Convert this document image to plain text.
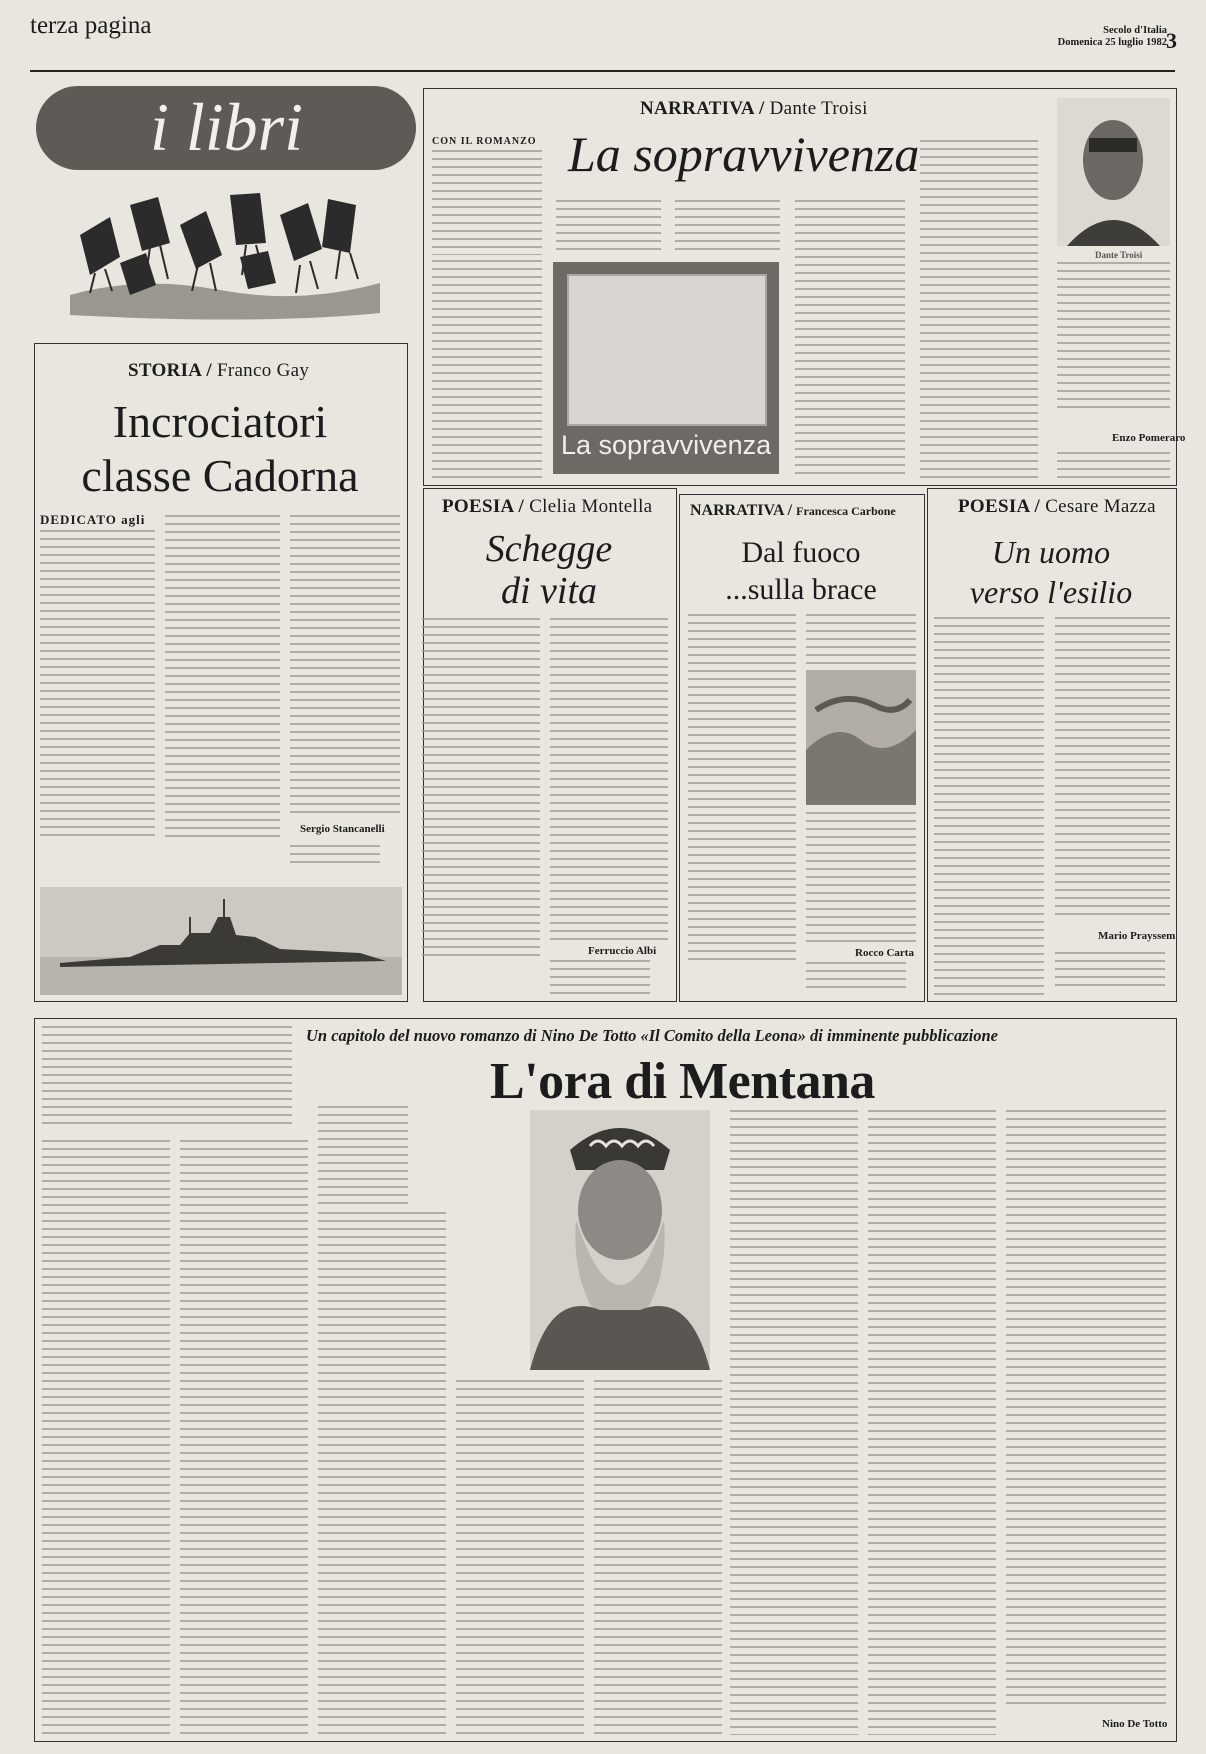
terza pagina	Secolo d'Italia
Domenica 25 luglio 1982 3
i libri
STORIA / Franco Gay
Incrociatori
classe Cadorna
DEDICATO agli
Sergio Stancanelli
NARRATIVA / Dante Troisi
La sopravvivenza
CON IL ROMANZO
La sopravvivenza
Dante Troisi
Enzo Pomeraro
POESIA / Clelia Montella
Schegge
di vita
Ferruccio Albi
NARRATIVA / Francesca Carbone
Dal fuoco
...sulla brace
Rocco Carta
POESIA / Cesare Mazza
Un uomo
verso l'esilio
Mario Prayssem
Un capitolo del nuovo romanzo di Nino De Totto «Il Comito della Leona» di imminente pubblicazione
L'ora di Mentana
Nino De Totto
